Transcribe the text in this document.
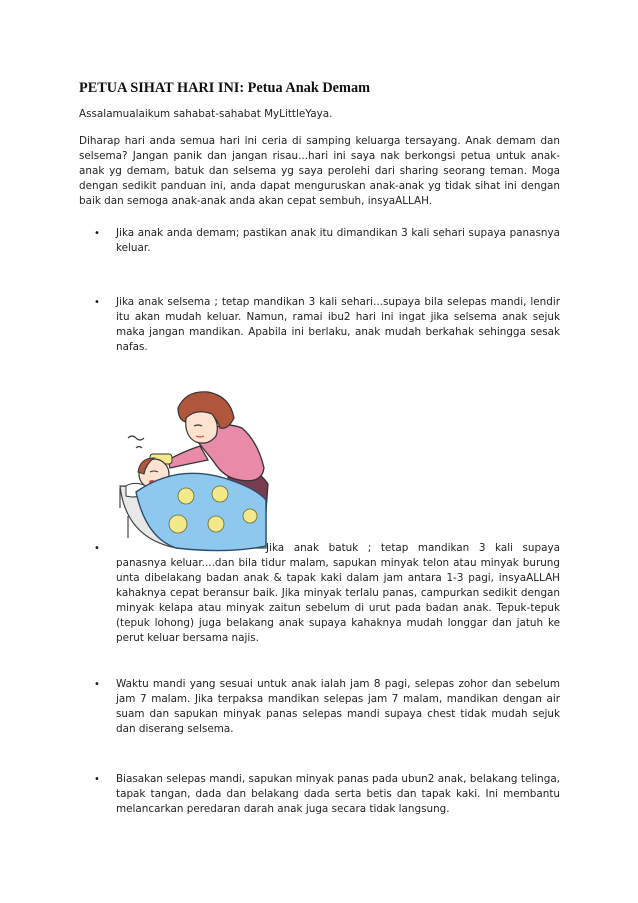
PETUA SIHAT HARI INI: Petua Anak Demam

Assalamualaikum sahabat-sahabat MyLittleYaya.

Diharap hari anda semua hari ini ceria di samping keluarga tersayang. Anak demam dan selsema? Jangan panik dan jangan risau...hari ini saya nak berkongsi petua untuk anak-anak yg demam, batuk dan selsema yg saya perolehi dari sharing seorang teman. Moga dengan sedikit panduan ini, anda dapat menguruskan anak-anak yg tidak sihat ini dengan baik dan semoga anak-anak anda akan cepat sembuh, insyaALLAH.

• Jika anak anda demam; pastikan anak itu dimandikan 3 kali sehari supaya panasnya keluar.

• Jika anak selsema ; tetap mandikan 3 kali sehari...supaya bila selepas mandi, lendir itu akan mudah keluar. Namun, ramai ibu2 hari ini ingat jika selsema anak sejuk maka jangan mandikan. Apabila ini berlaku, anak mudah berkahak sehingga sesak nafas.

•	Jika anak batuk ; tetap mandikan 3 kali supaya panasnya keluar....dan bila tidur malam, sapukan minyak telon atau minyak burung unta dibelakang badan anak & tapak kaki dalam jam antara 1-3 pagi, insyaALLAH kahaknya cepat beransur baik. Jika minyak terlalu panas, campurkan sedikit dengan minyak kelapa atau minyak zaitun sebelum di urut pada badan anak. Tepuk-tepuk (tepuk lohong) juga belakang anak supaya kahaknya mudah longgar dan jatuh ke perut keluar bersama najis.

• Waktu mandi yang sesuai untuk anak ialah jam 8 pagi, selepas zohor dan sebelum jam 7 malam. Jika terpaksa mandikan selepas jam 7 malam, mandikan dengan air suam dan sapukan minyak panas selepas mandi supaya chest tidak mudah sejuk dan diserang selsema.

• Biasakan selepas mandi, sapukan minyak panas pada ubun2 anak, belakang telinga, tapak tangan, dada dan belakang dada serta betis dan tapak kaki. Ini membantu melancarkan peredaran darah anak juga secara tidak langsung.
